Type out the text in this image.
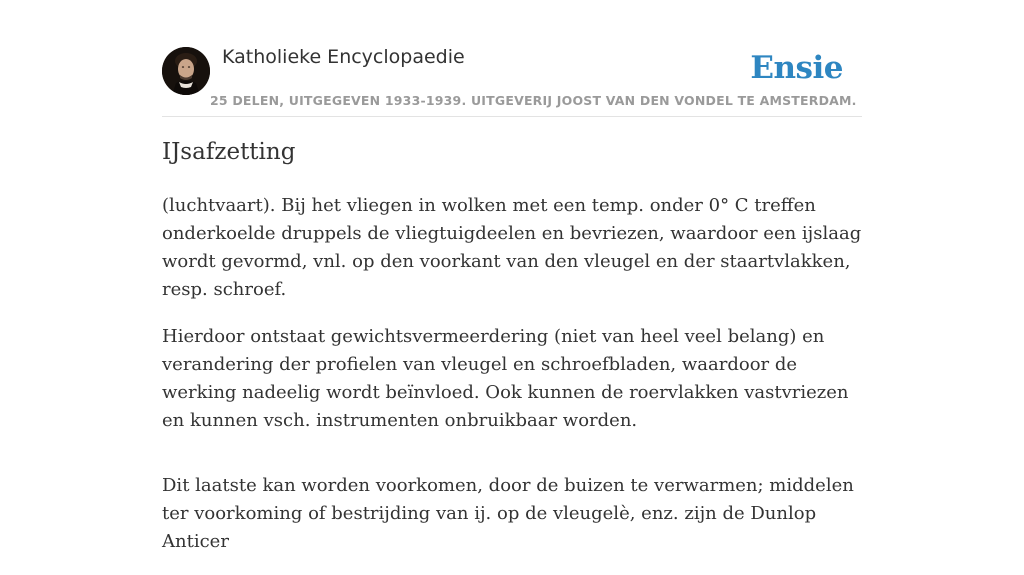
Katholieke Encyclopaedie	Ensie
25 DELEN, UITGEGEVEN 1933-1939. UITGEVERIJ JOOST VAN DEN VONDEL TE AMSTERDAM.
IJsafzetting

(luchtvaart). Bij het vliegen in wolken met een temp. onder 0° C treffen onderkoelde druppels de vliegtuigdeelen en bevriezen, waardoor een ijslaag wordt gevormd, vnl. op den voorkant van den vleugel en der staartvlakken, resp. schroef.

Hierdoor ontstaat gewichtsvermeerdering (niet van heel veel belang) en verandering der profielen van vleugel en schroefbladen, waardoor de werking nadeelig wordt beïnvloed. Ook kunnen de roervlakken vastvriezen en kunnen vsch. instrumenten onbruikbaar worden.

Dit laatste kan worden voorkomen, door de buizen te verwarmen; middelen ter voorkoming of bestrijding van ij. op de vleugelè, enz. zijn de Dunlop Anticer
